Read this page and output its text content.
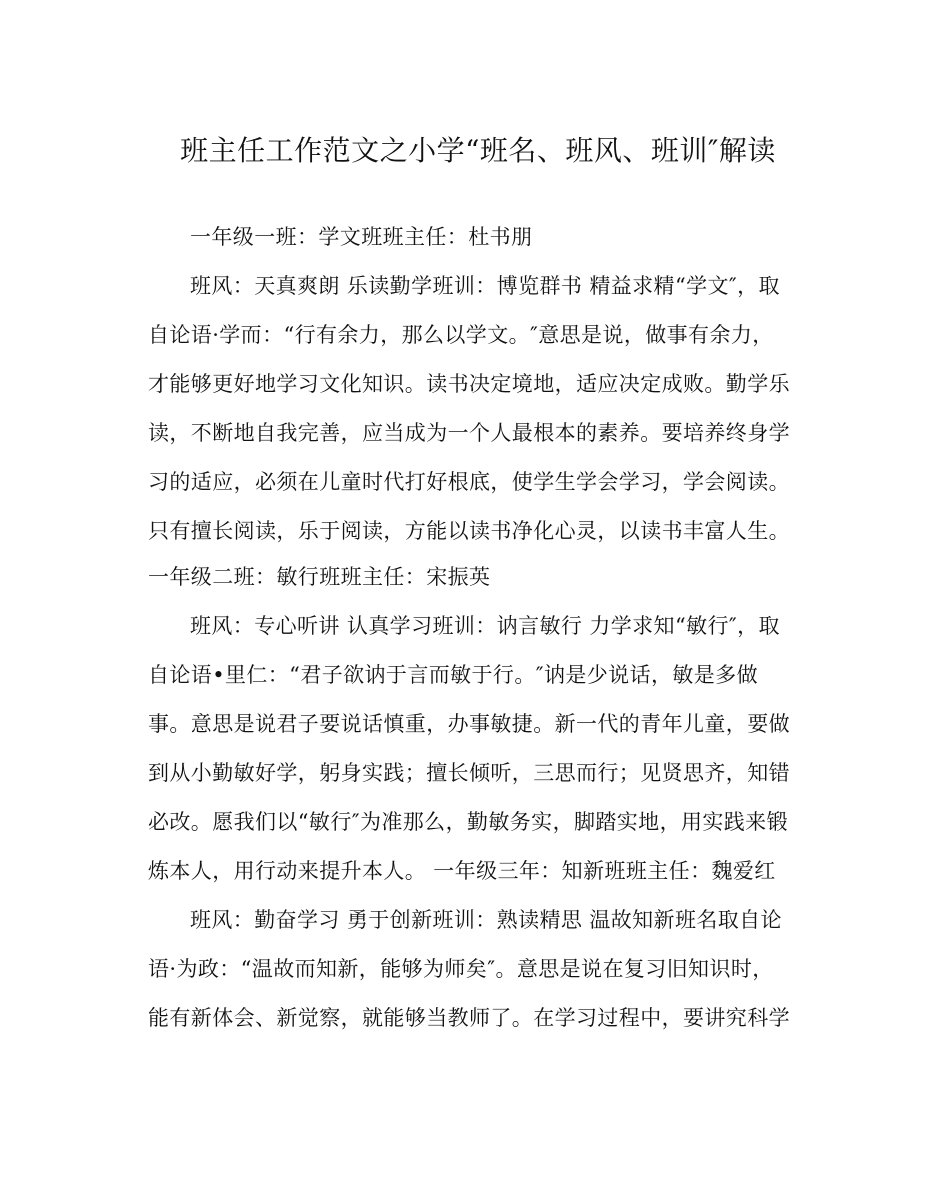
班主任工作范文之小学“班名、班风、班训″解读
一年级一班：学文班班主任：杜书朋
班风：天真爽朗 乐读勤学班训：博览群书 精益求精“学文″，取
自论语·学而：“行有余力，那么以学文。″意思是说，做事有余力，
才能够更好地学习文化知识。读书决定境地，适应决定成败。勤学乐
读，不断地自我完善，应当成为一个人最根本的素养。要培养终身学
习的适应，必须在儿童时代打好根底，使学生学会学习，学会阅读。
只有擅长阅读，乐于阅读，方能以读书净化心灵，以读书丰富人生。
一年级二班：敏行班班主任：宋振英
班风：专心听讲 认真学习班训：讷言敏行 力学求知“敏行″，取
自论语•里仁：“君子欲讷于言而敏于行。″讷是少说话，敏是多做
事。意思是说君子要说话慎重，办事敏捷。新一代的青年儿童，要做
到从小勤敏好学，躬身实践；擅长倾听，三思而行；见贤思齐，知错
必改。愿我们以“敏行″为准那么，勤敏务实，脚踏实地，用实践来锻
炼本人，用行动来提升本人。 一年级三年：知新班班主任：魏爱红
班风：勤奋学习 勇于创新班训：熟读精思 温故知新班名取自论
语·为政：“温故而知新，能够为师矣″。意思是说在复习旧知识时，
能有新体会、新觉察，就能够当教师了。在学习过程中，要讲究科学
